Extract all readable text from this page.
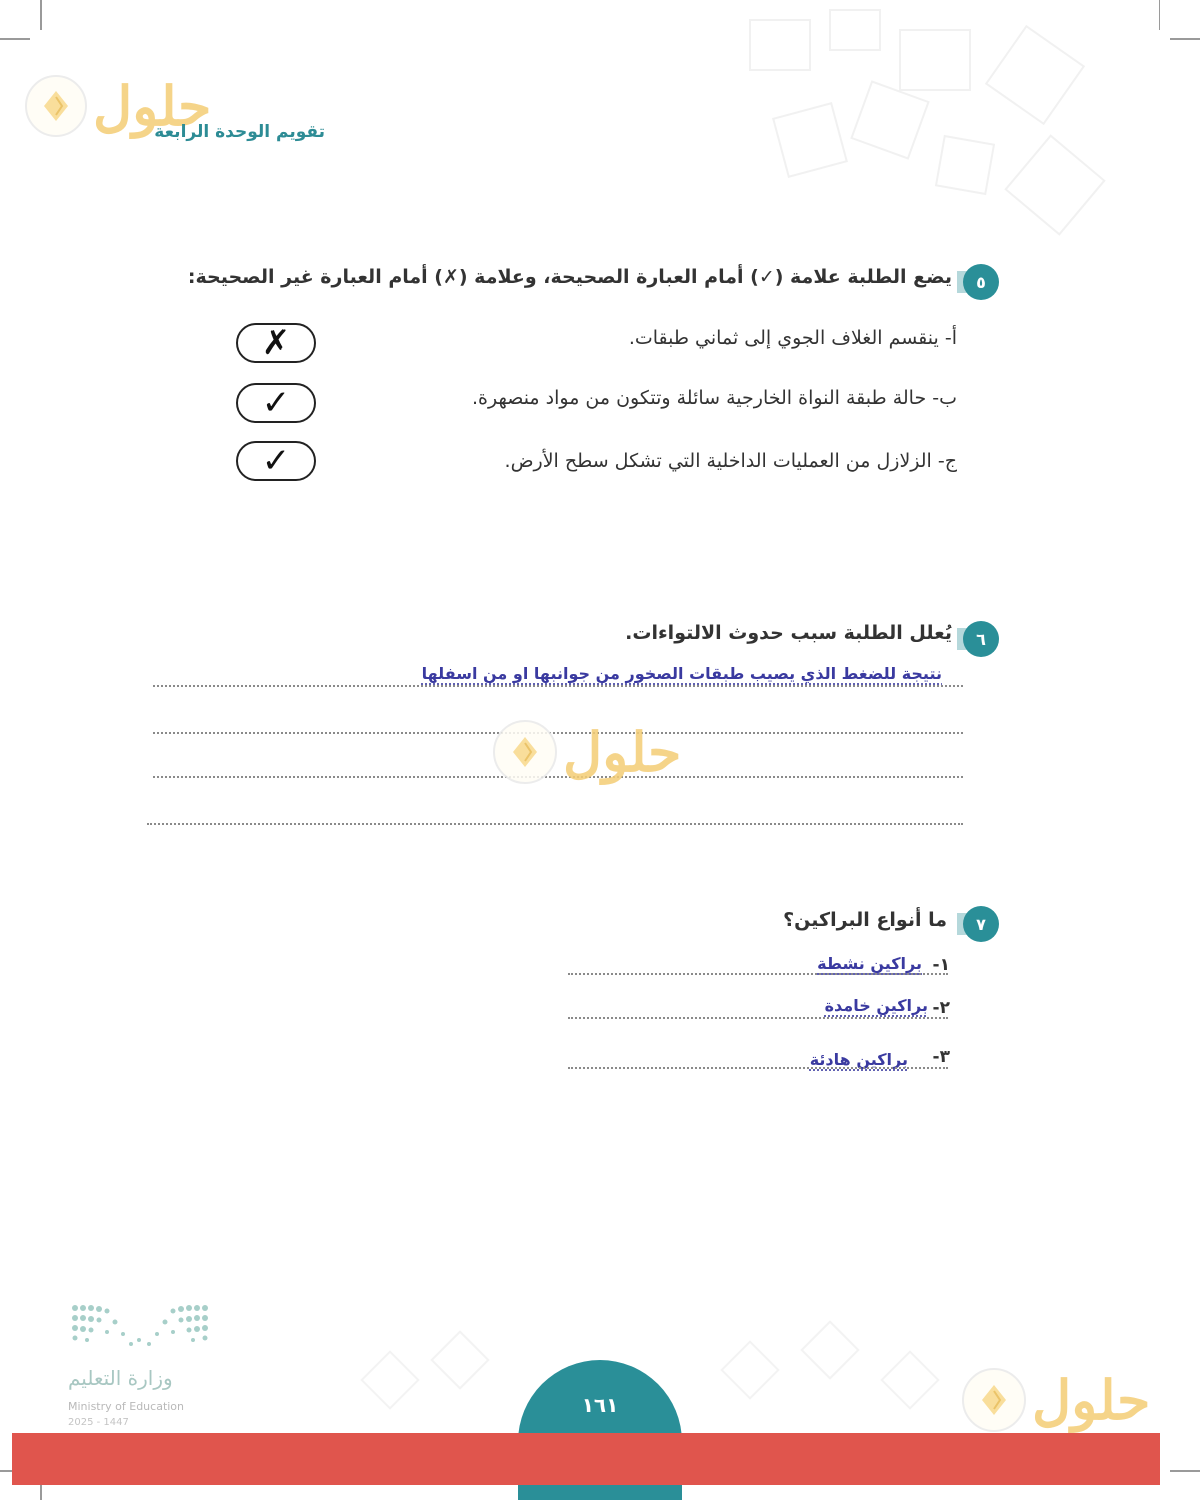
حلول
تقويم الوحدة الرابعة
٥
يضع الطلبة علامة (✓) أمام العبارة الصحيحة، وعلامة (✗) أمام العبارة غير الصحيحة:
أ- ينقسم الغلاف الجوي إلى ثماني طبقات.
✗
ب- حالة طبقة النواة الخارجية سائلة وتتكون من مواد منصهرة.
✓
ج- الزلازل من العمليات الداخلية التي تشكل سطح الأرض.
✓
٦
يُعلل الطلبة سبب حدوث الالتواءات.
نتيجة للضغط الذي يصيب طبقات الصخور من جوانبها او من اسفلها
حلول
٧
ما أنواع البراكين؟
١-
براكين نشطة
٢-
براكين خامدة
٣-
براكين هادئة
وزارة التعليم
Ministry of Education
2025 - 1447	حلول
١٦١
